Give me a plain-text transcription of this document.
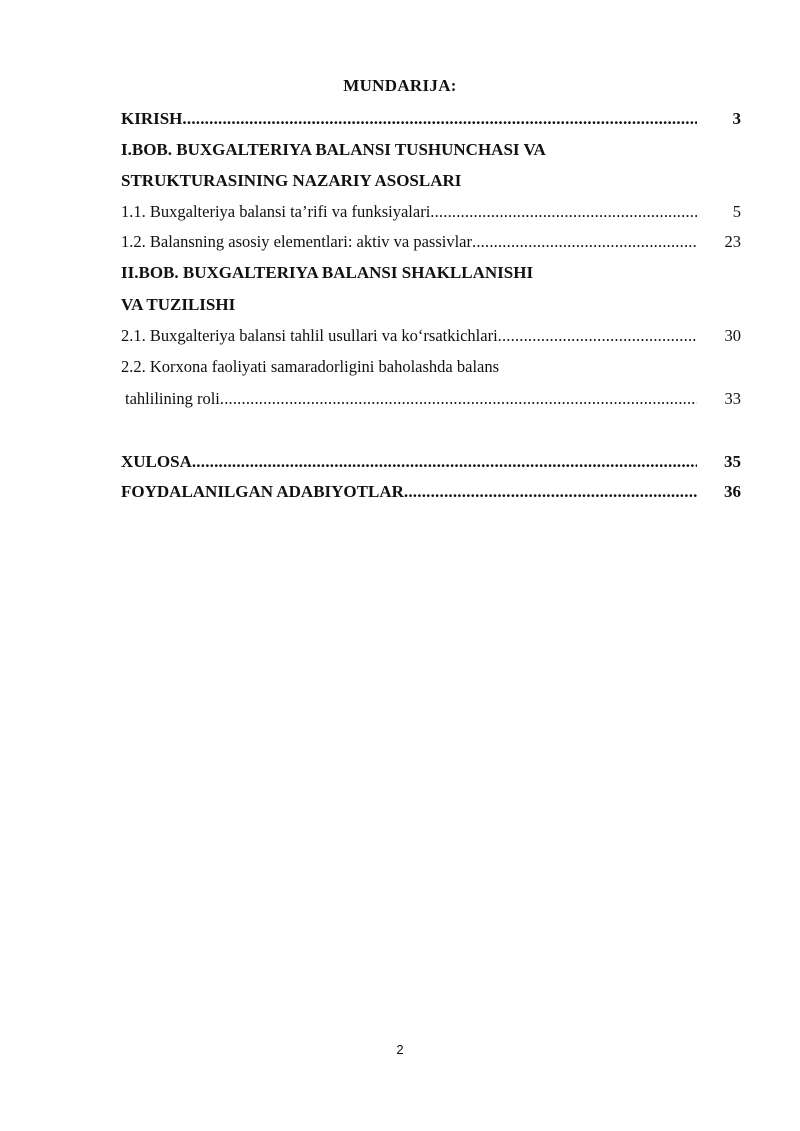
MUNDARIJA:
KIRISH .....	3
I.BOB. BUXGALTERIYA BALANSI TUSHUNCHASI VA
STRUKTURASINING NAZARIY ASOSLARI
1.1. Buxgalteriya balansi ta’rifi va funksiyalari .....	5
1.2. Balansning asosiy elementlari: aktiv va passivlar .....	23
II.BOB. BUXGALTERIYA BALANSI SHAKLLANISHI
VA TUZILISHI
2.1. Buxgalteriya balansi tahlil usullari va ko‘rsatkichlari .....	30
2.2. Korxona faoliyati samaradorligini baholashda balans
tahlilining roli .....	33
XULOSA .....	35
FOYDALANILGAN ADABIYOTLAR .....	36
2
